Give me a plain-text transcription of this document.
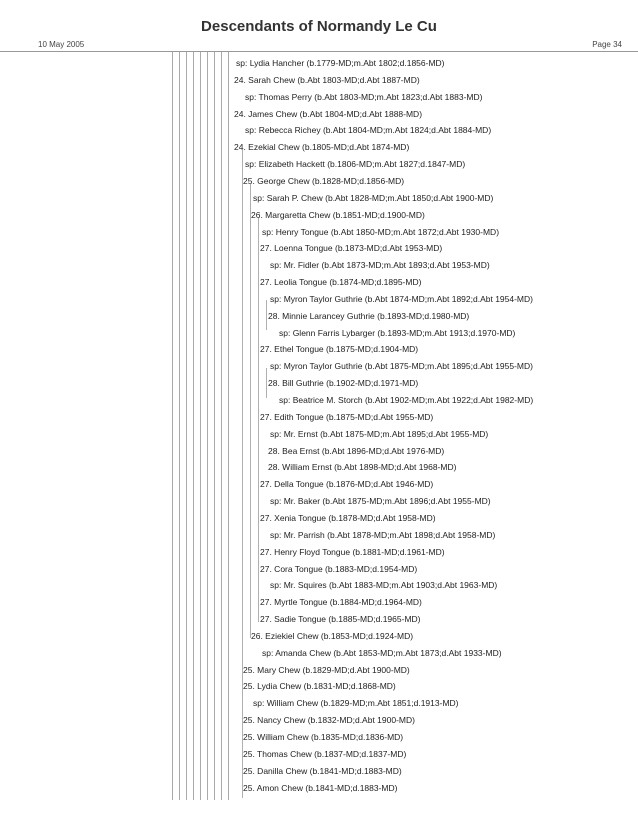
Descendants of Normandy Le Cu
10 May 2005	Page 34
sp: Lydia Hancher (b.1779-MD;m.Abt 1802;d.1856-MD)
24. Sarah Chew (b.Abt 1803-MD;d.Abt 1887-MD)
sp: Thomas Perry (b.Abt 1803-MD;m.Abt 1823;d.Abt 1883-MD)
24. James Chew (b.Abt 1804-MD;d.Abt 1888-MD)
sp: Rebecca Richey (b.Abt 1804-MD;m.Abt 1824;d.Abt 1884-MD)
24. Ezekial Chew (b.1805-MD;d.Abt 1874-MD)
sp: Elizabeth Hackett (b.1806-MD;m.Abt 1827;d.1847-MD)
25. George Chew (b.1828-MD;d.1856-MD)
sp: Sarah P. Chew (b.Abt 1828-MD;m.Abt 1850;d.Abt 1900-MD)
26. Margaretta Chew (b.1851-MD;d.1900-MD)
sp: Henry Tongue (b.Abt 1850-MD;m.Abt 1872;d.Abt 1930-MD)
27. Loenna Tongue (b.1873-MD;d.Abt 1953-MD)
sp: Mr. Fidler (b.Abt 1873-MD;m.Abt 1893;d.Abt 1953-MD)
27. Leolia Tongue (b.1874-MD;d.1895-MD)
sp: Myron Taylor Guthrie (b.Abt 1874-MD;m.Abt 1892;d.Abt 1954-MD)
28. Minnie Larancey Guthrie (b.1893-MD;d.1980-MD)
sp: Glenn Farris Lybarger (b.1893-MD;m.Abt 1913;d.1970-MD)
27. Ethel Tongue (b.1875-MD;d.1904-MD)
sp: Myron Taylor Guthrie (b.Abt 1875-MD;m.Abt 1895;d.Abt 1955-MD)
28. Bill Guthrie (b.1902-MD;d.1971-MD)
sp: Beatrice M. Storch (b.Abt 1902-MD;m.Abt 1922;d.Abt 1982-MD)
27. Edith Tongue (b.1875-MD;d.Abt 1955-MD)
sp: Mr. Ernst (b.Abt 1875-MD;m.Abt 1895;d.Abt 1955-MD)
28. Bea Ernst (b.Abt 1896-MD;d.Abt 1976-MD)
28. William Ernst (b.Abt 1898-MD;d.Abt 1968-MD)
27. Della Tongue (b.1876-MD;d.Abt 1946-MD)
sp: Mr. Baker (b.Abt 1875-MD;m.Abt 1896;d.Abt 1955-MD)
27. Xenia Tongue (b.1878-MD;d.Abt 1958-MD)
sp: Mr. Parrish (b.Abt 1878-MD;m.Abt 1898;d.Abt 1958-MD)
27. Henry Floyd Tongue (b.1881-MD;d.1961-MD)
27. Cora Tongue (b.1883-MD;d.1954-MD)
sp: Mr. Squires (b.Abt 1883-MD;m.Abt 1903;d.Abt 1963-MD)
27. Myrtle Tongue (b.1884-MD;d.1964-MD)
27. Sadie Tongue (b.1885-MD;d.1965-MD)
26. Eziekiel Chew (b.1853-MD;d.1924-MD)
sp: Amanda Chew (b.Abt 1853-MD;m.Abt 1873;d.Abt 1933-MD)
25. Mary Chew (b.1829-MD;d.Abt 1900-MD)
25. Lydia Chew (b.1831-MD;d.1868-MD)
sp: William Chew (b.1829-MD;m.Abt 1851;d.1913-MD)
25. Nancy Chew (b.1832-MD;d.Abt 1900-MD)
25. William Chew (b.1835-MD;d.1836-MD)
25. Thomas Chew (b.1837-MD;d.1837-MD)
25. Danilla Chew (b.1841-MD;d.1883-MD)
25. Amon Chew (b.1841-MD;d.1883-MD)
